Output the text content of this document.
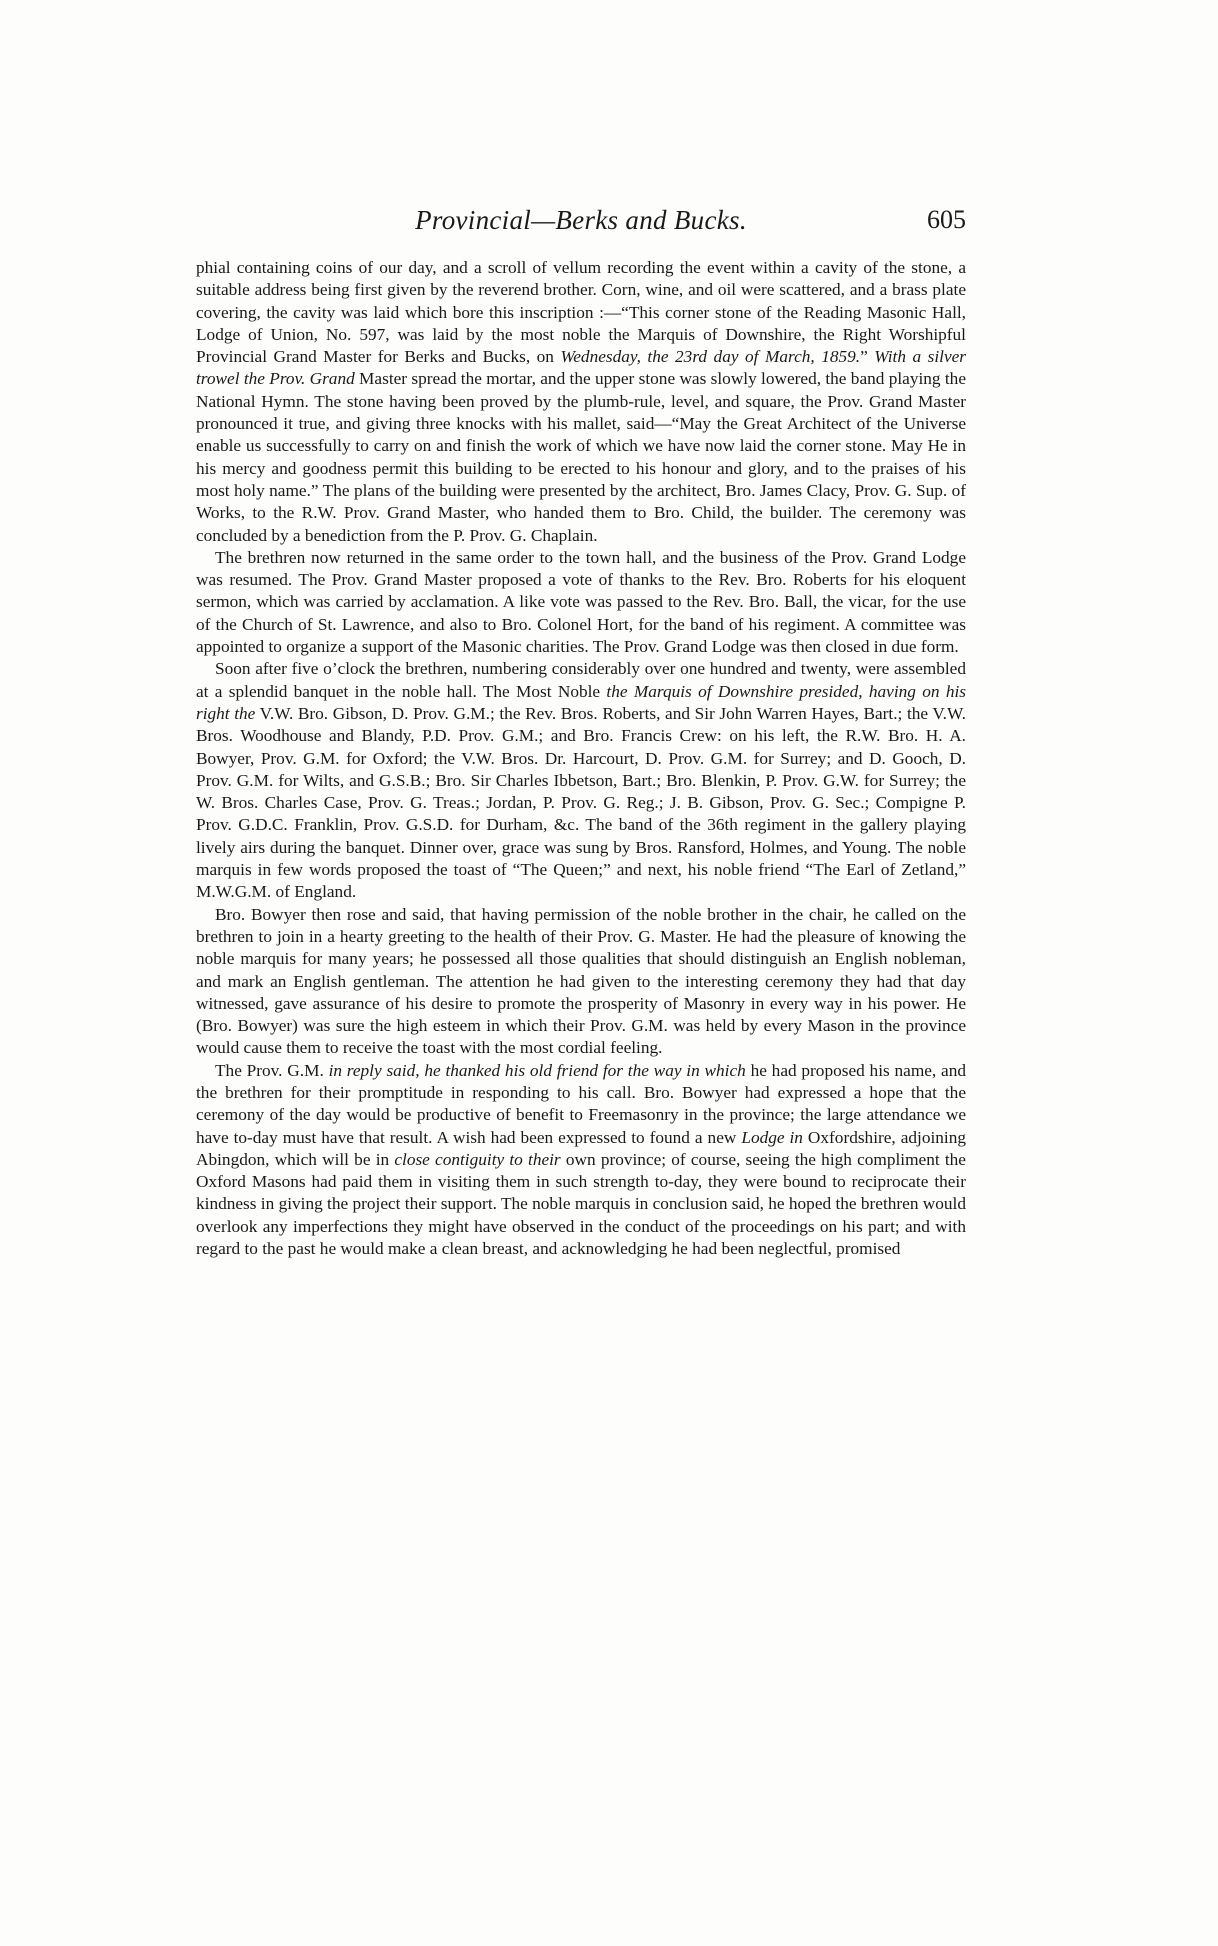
Provincial—Berks and Bucks.	605

phial containing coins of our day, and a scroll of vellum recording the event within a cavity of the stone, a suitable address being first given by the reverend brother. Corn, wine, and oil were scattered, and a brass plate covering, the cavity was laid which bore this inscription :—“This corner stone of the Reading Masonic Hall, Lodge of Union, No. 597, was laid by the most noble the Marquis of Downshire, the Right Worshipful Provincial Grand Master for Berks and Bucks, on Wednesday, the 23rd day of March, 1859.” With a silver trowel the Prov. Grand Master spread the mortar, and the upper stone was slowly lowered, the band playing the National Hymn. The stone having been proved by the plumb-rule, level, and square, the Prov. Grand Master pronounced it true, and giving three knocks with his mallet, said—“May the Great Architect of the Universe enable us successfully to carry on and finish the work of which we have now laid the corner stone. May He in his mercy and goodness permit this building to be erected to his honour and glory, and to the praises of his most holy name.” The plans of the building were presented by the architect, Bro. James Clacy, Prov. G. Sup. of Works, to the R.W. Prov. Grand Master, who handed them to Bro. Child, the builder. The ceremony was concluded by a benediction from the P. Prov. G. Chaplain.

The brethren now returned in the same order to the town hall, and the business of the Prov. Grand Lodge was resumed. The Prov. Grand Master proposed a vote of thanks to the Rev. Bro. Roberts for his eloquent sermon, which was carried by acclamation. A like vote was passed to the Rev. Bro. Ball, the vicar, for the use of the Church of St. Lawrence, and also to Bro. Colonel Hort, for the band of his regiment. A committee was appointed to organize a support of the Masonic charities. The Prov. Grand Lodge was then closed in due form.

Soon after five o’clock the brethren, numbering considerably over one hundred and twenty, were assembled at a splendid banquet in the noble hall. The Most Noble the Marquis of Downshire presided, having on his right the V.W. Bro. Gibson, D. Prov. G.M.; the Rev. Bros. Roberts, and Sir John Warren Hayes, Bart.; the V.W. Bros. Woodhouse and Blandy, P.D. Prov. G.M.; and Bro. Francis Crew: on his left, the R.W. Bro. H. A. Bowyer, Prov. G.M. for Oxford; the V.W. Bros. Dr. Harcourt, D. Prov. G.M. for Surrey; and D. Gooch, D. Prov. G.M. for Wilts, and G.S.B.; Bro. Sir Charles Ibbetson, Bart.; Bro. Blenkin, P. Prov. G.W. for Surrey; the W. Bros. Charles Case, Prov. G. Treas.; Jordan, P. Prov. G. Reg.; J. B. Gibson, Prov. G. Sec.; Compigne P. Prov. G.D.C. Franklin, Prov. G.S.D. for Durham, &c. The band of the 36th regiment in the gallery playing lively airs during the banquet. Dinner over, grace was sung by Bros. Ransford, Holmes, and Young. The noble marquis in few words proposed the toast of “The Queen;” and next, his noble friend “The Earl of Zetland,” M.W.G.M. of England.

Bro. Bowyer then rose and said, that having permission of the noble brother in the chair, he called on the brethren to join in a hearty greeting to the health of their Prov. G. Master. He had the pleasure of knowing the noble marquis for many years; he possessed all those qualities that should distinguish an English nobleman, and mark an English gentleman. The attention he had given to the interesting ceremony they had that day witnessed, gave assurance of his desire to promote the prosperity of Masonry in every way in his power. He (Bro. Bowyer) was sure the high esteem in which their Prov. G.M. was held by every Mason in the province would cause them to receive the toast with the most cordial feeling.

The Prov. G.M. in reply said, he thanked his old friend for the way in which he had proposed his name, and the brethren for their promptitude in responding to his call. Bro. Bowyer had expressed a hope that the ceremony of the day would be productive of benefit to Freemasonry in the province; the large attendance we have to-day must have that result. A wish had been expressed to found a new Lodge in Oxfordshire, adjoining Abingdon, which will be in close contiguity to their own province; of course, seeing the high compliment the Oxford Masons had paid them in visiting them in such strength to-day, they were bound to reciprocate their kindness in giving the project their support. The noble marquis in conclusion said, he hoped the brethren would overlook any imperfections they might have observed in the conduct of the proceedings on his part; and with regard to the past he would make a clean breast, and acknowledging he had been neglectful, promised
